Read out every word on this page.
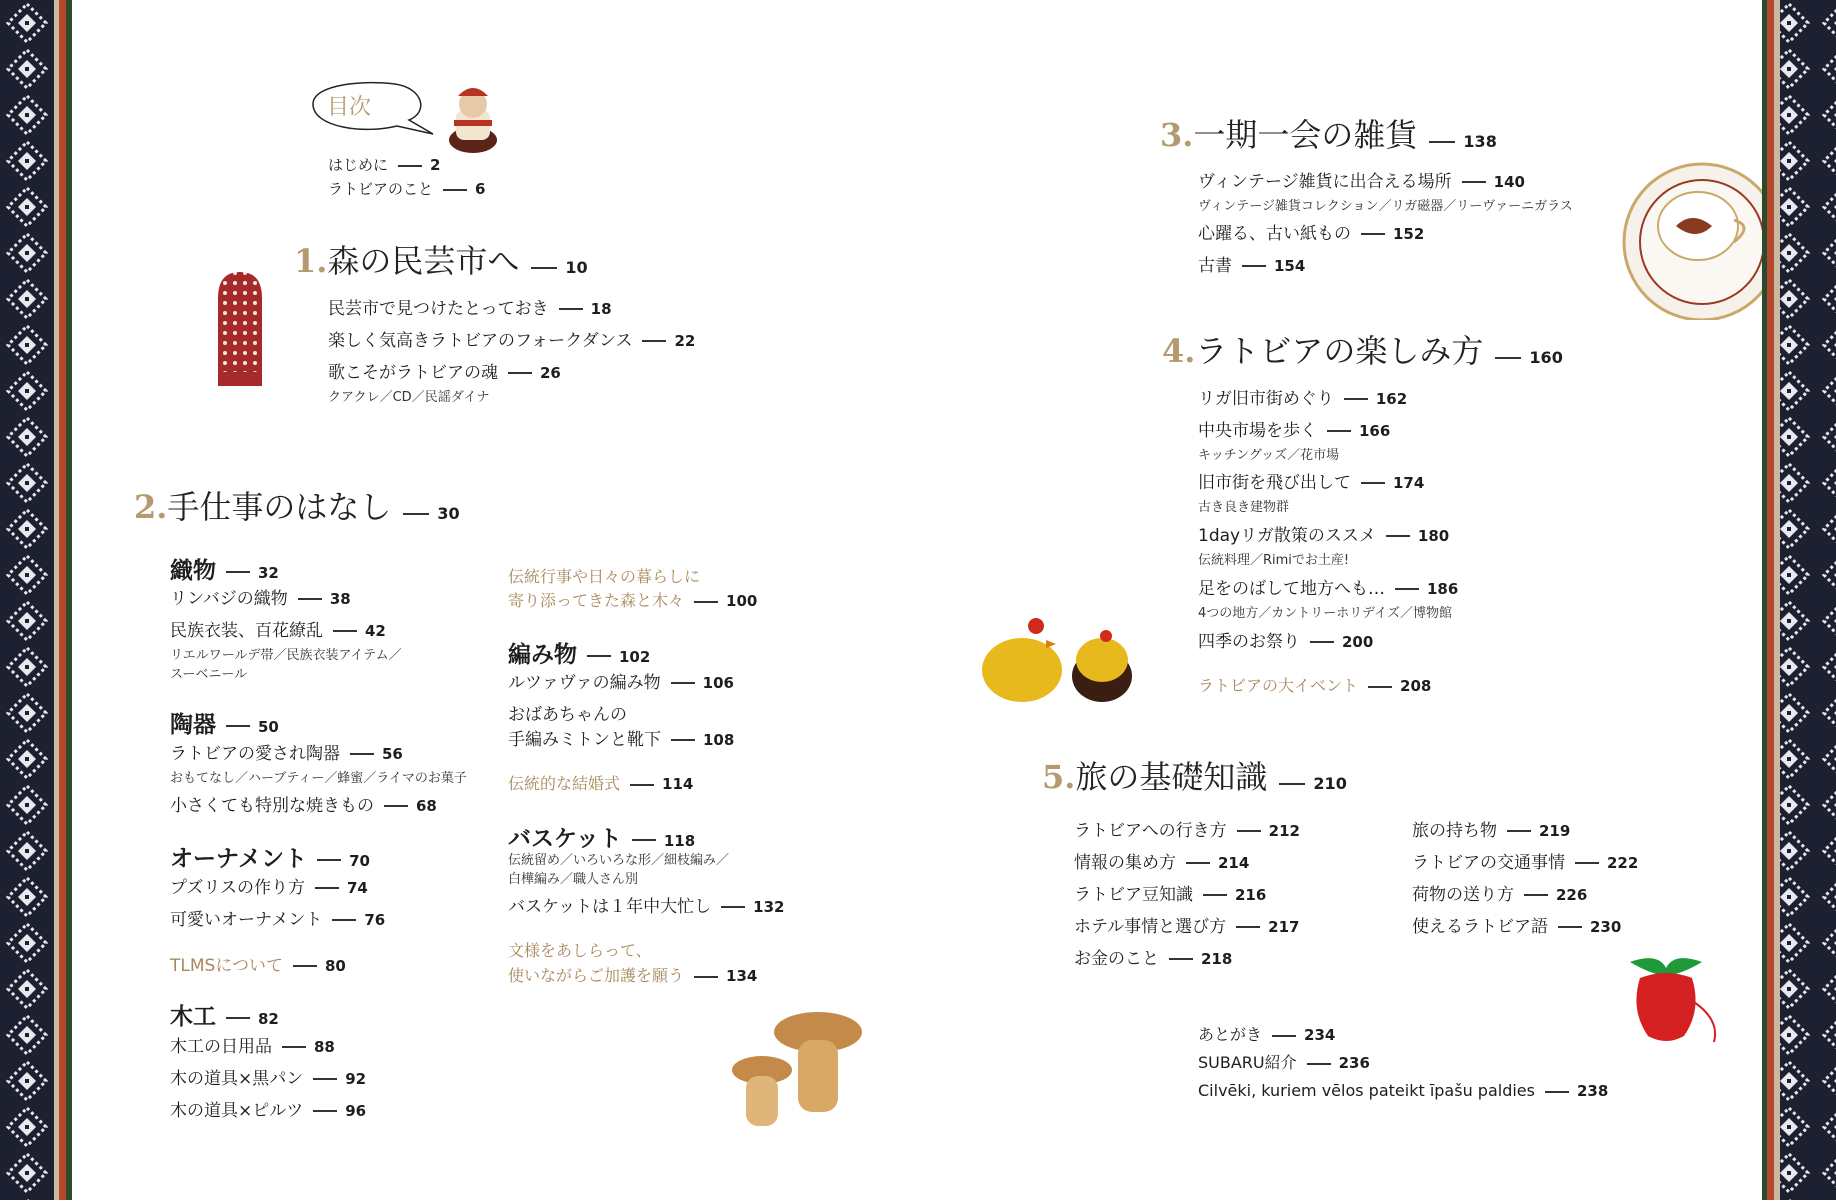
目次
はじめに	2
ラトビアのこと	6
1.森の民芸市へ	10
民芸市で見つけたとっておき	18
楽しく気高きラトビアのフォークダンス	22
歌こそがラトビアの魂	26
クアクレ／CD／民謡ダイナ
2.手仕事のはなし	30
織物	32
リンバジの織物	38
民族衣装、百花繚乱	42
リエルワールデ帯／民族衣装アイテム／
スーベニール
陶器	50
ラトビアの愛され陶器	56
おもてなし／ハーブティー／蜂蜜／ライマのお菓子
小さくても特別な焼きもの	68
オーナメント	70
プズリスの作り方	74
可愛いオーナメント	76
TLMSについて	80
木工	82
木工の日用品	88
木の道具×黒パン	92
木の道具×ピルツ	96
伝統行事や日々の暮らしに
寄り添ってきた森と木々	100
編み物	102
ルツァヴァの編み物	106
おばあちゃんの
手編みミトンと靴下	108
伝統的な結婚式	114
バスケット	118
伝統留め／いろいろな形／細枝編み／
白樺編み／職人さん別
バスケットは１年中大忙し	132
文様をあしらって、
使いながらご加護を願う	134
3.一期一会の雑貨	138
ヴィンテージ雑貨に出合える場所	140
ヴィンテージ雑貨コレクション／リガ磁器／リーヴァーニガラス
心躍る、古い紙もの	152
古書	154
4.ラトビアの楽しみ方	160
リガ旧市街めぐり	162
中央市場を歩く	166
キッチングッズ／花市場
旧市街を飛び出して	174
古き良き建物群
1dayリガ散策のススメ	180
伝統料理／Rimiでお土産!
足をのばして地方へも…	186
4つの地方／カントリーホリデイズ／博物館
四季のお祭り	200
ラトビアの大イベント	208
5.旅の基礎知識	210
ラトビアへの行き方	212
情報の集め方	214
ラトビア豆知識	216
ホテル事情と選び方	217
お金のこと	218
旅の持ち物	219
ラトビアの交通事情	222
荷物の送り方	226
使えるラトビア語	230
あとがき	234
SUBARU紹介	236
Cilvēki, kuriem vēlos pateikt īpašu paldies	238
